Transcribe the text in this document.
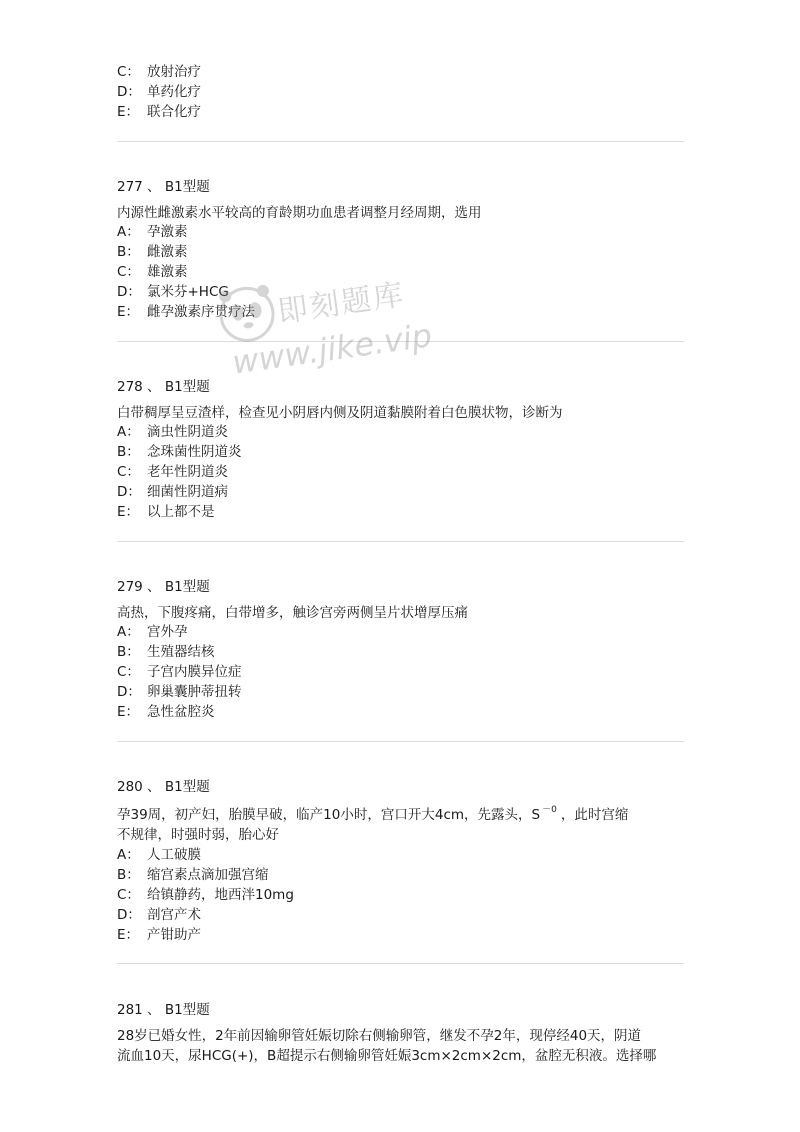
C： 放射治疗
D： 单药化疗
E： 联合化疗
277 、 B1型题
内源性雌激素水平较高的育龄期功血患者调整月经周期，选用
A： 孕激素
B： 雌激素
C： 雄激素
D： 氯米芬+HCG
E： 雌孕激素序贯疗法
278 、 B1型题
白带稠厚呈豆渣样，检查见小阴唇内侧及阴道黏膜附着白色膜状物，诊断为
A： 滴虫性阴道炎
B： 念珠菌性阴道炎
C： 老年性阴道炎
D： 细菌性阴道病
E： 以上都不是
279 、 B1型题
高热，下腹疼痛，白带增多，触诊宫旁两侧呈片状增厚压痛
A： 宫外孕
B： 生殖器结核
C： 子宫内膜异位症
D： 卵巢囊肿蒂扭转
E： 急性盆腔炎
280 、 B1型题
孕39周，初产妇，胎膜早破，临产10小时，宫口开大4cm，先露头，S $^{-0}$ ，此时宫缩
不规律，时强时弱，胎心好
A： 人工破膜
B： 缩宫素点滴加强宫缩
C： 给镇静药，地西泮10mg
D： 剖宫产术
E： 产钳助产
281 、 B1型题
28岁已婚女性，2年前因输卵管妊娠切除右侧输卵管，继发不孕2年，现停经40天，阴道
流血10天，尿HCG(+)，B超提示右侧输卵管妊娠3cm×2cm×2cm，盆腔无积液。选择哪
即刻题库
www.jike.vip
